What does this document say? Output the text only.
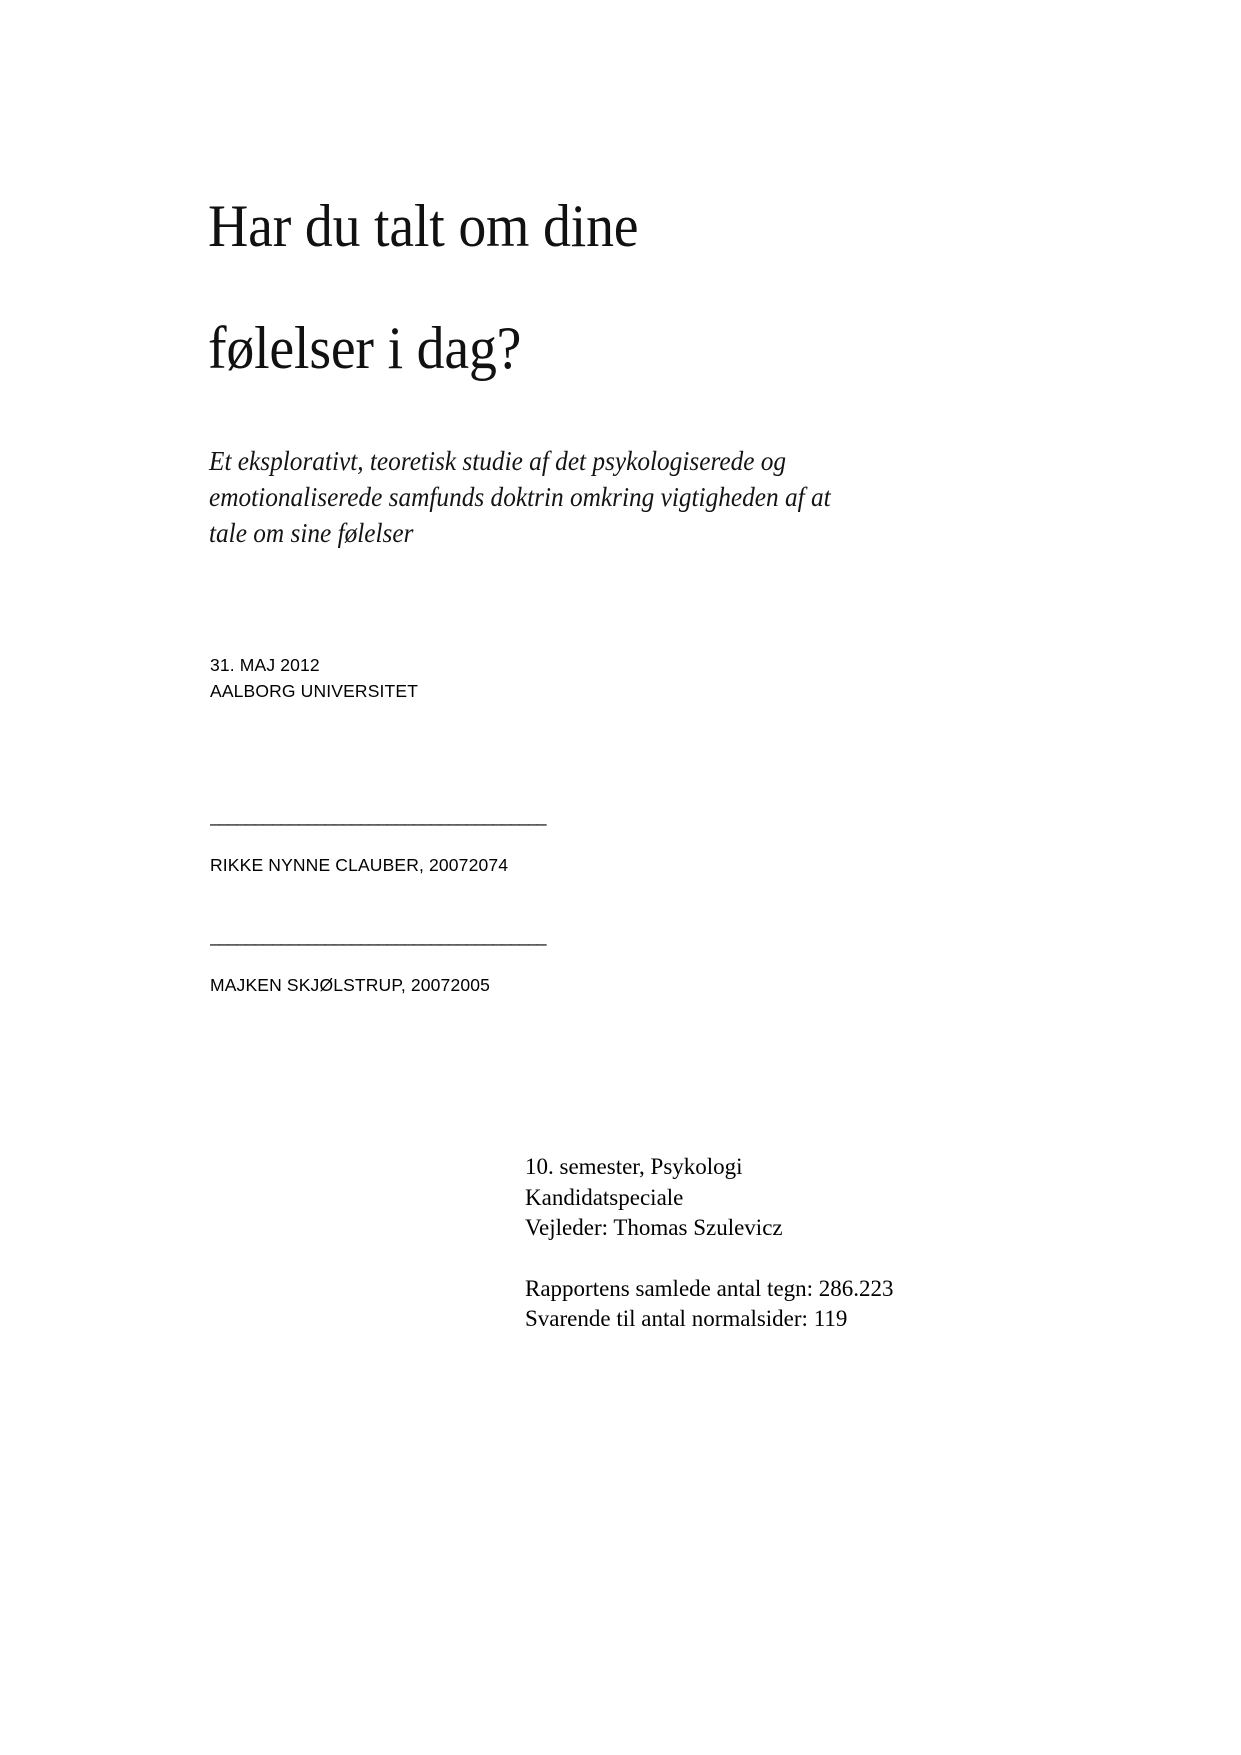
Har du talt om dine
følelser i dag?
Et eksplorativt, teoretisk studie af det psykologiserede og
emotionaliserede samfunds doktrin omkring vigtigheden af at
tale om sine følelser
31. MAJ 2012
AALBORG UNIVERSITET
______________________________________
RIKKE NYNNE CLAUBER, 20072074
______________________________________
MAJKEN SKJØLSTRUP, 20072005
10. semester, Psykologi
Kandidatspeciale
Vejleder: Thomas Szulevicz
Rapportens samlede antal tegn: 286.223
Svarende til antal normalsider: 119
